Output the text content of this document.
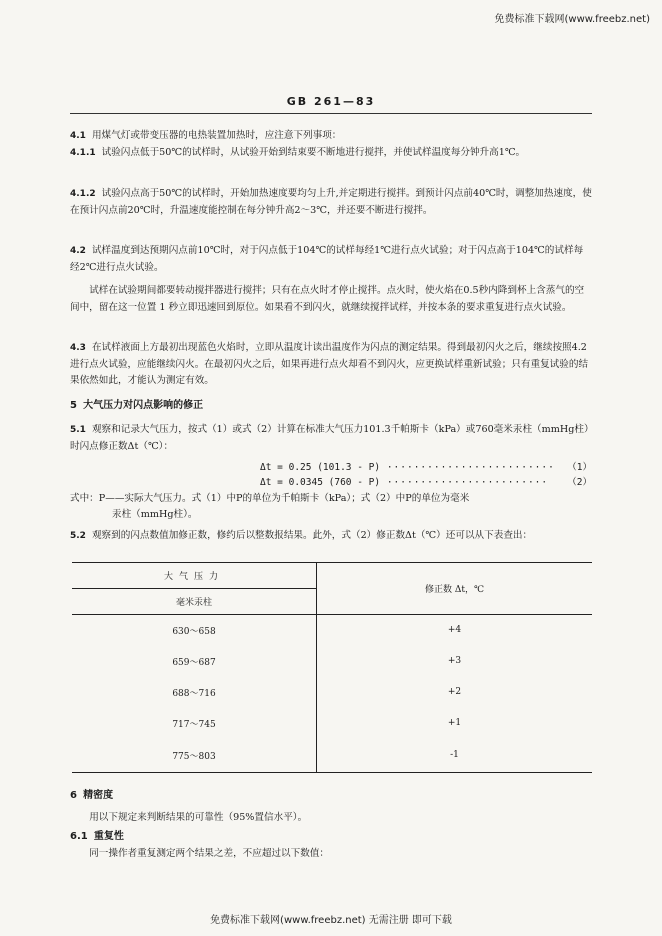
免费标准下载网(www.freebz.net)
GB 261—83
4.1 用煤气灯或带变压器的电热装置加热时，应注意下列事项：
4.1.1 试验闪点低于50℃的试样时，从试验开始到结束要不断地进行搅拌，并使试样温度每分钟升高1℃。
4.1.2 试验闪点高于50℃的试样时，开始加热速度要均匀上升,并定期进行搅拌。到预计闪点前40℃时，调整加热速度，使在预计闪点前20℃时，升温速度能控制在每分钟升高2～3℃，并还要不断进行搅拌。
4.2 试样温度到达预期闪点前10℃时，对于闪点低于104℃的试样每经1℃进行点火试验；对于闪点高于104℃的试样每经2℃进行点火试验。
试样在试验期间都要转动搅拌器进行搅拌；只有在点火时才停止搅拌。点火时，使火焰在0.5秒内降到杯上含蒸气的空间中，留在这一位置 1 秒立即迅速回到原位。如果看不到闪火，就继续搅拌试样，并按本条的要求重复进行点火试验。
4.3 在试样液面上方最初出现蓝色火焰时，立即从温度计读出温度作为闪点的测定结果。得到最初闪火之后，继续按照4.2进行点火试验，应能继续闪火。在最初闪火之后，如果再进行点火却看不到闪火，应更换试样重新试验；只有重复试验的结果依然如此，才能认为测定有效。
5 大气压力对闪点影响的修正
5.1 观察和记录大气压力，按式（1）或式（2）计算在标准大气压力101.3千帕斯卡（kPa）或760毫米汞柱（mmHg柱）时闪点修正数Δt（℃）：
Δt = 0.25 (101.3 - P) ························· （1）
Δt = 0.0345 (760 - P) ························ （2）
式中：P——实际大气压力。式（1）中P的单位为千帕斯卡（kPa）；式（2）中P的单位为毫米
汞柱（mmHg柱）。
5.2 观察到的闪点数值加修正数，修约后以整数报结果。此外，式（2）修正数Δt（℃）还可以从下表查出：
大气压力	修正数 Δt，℃
毫米汞柱	
630～658	+4
659～687	+3
688～716	+2
717～745	+1
775～803	-1
6 精密度
用以下规定来判断结果的可靠性（95%置信水平）。
6.1 重复性
同一操作者重复测定两个结果之差，不应超过以下数值：
免费标准下载网(www.freebz.net) 无需注册 即可下载
